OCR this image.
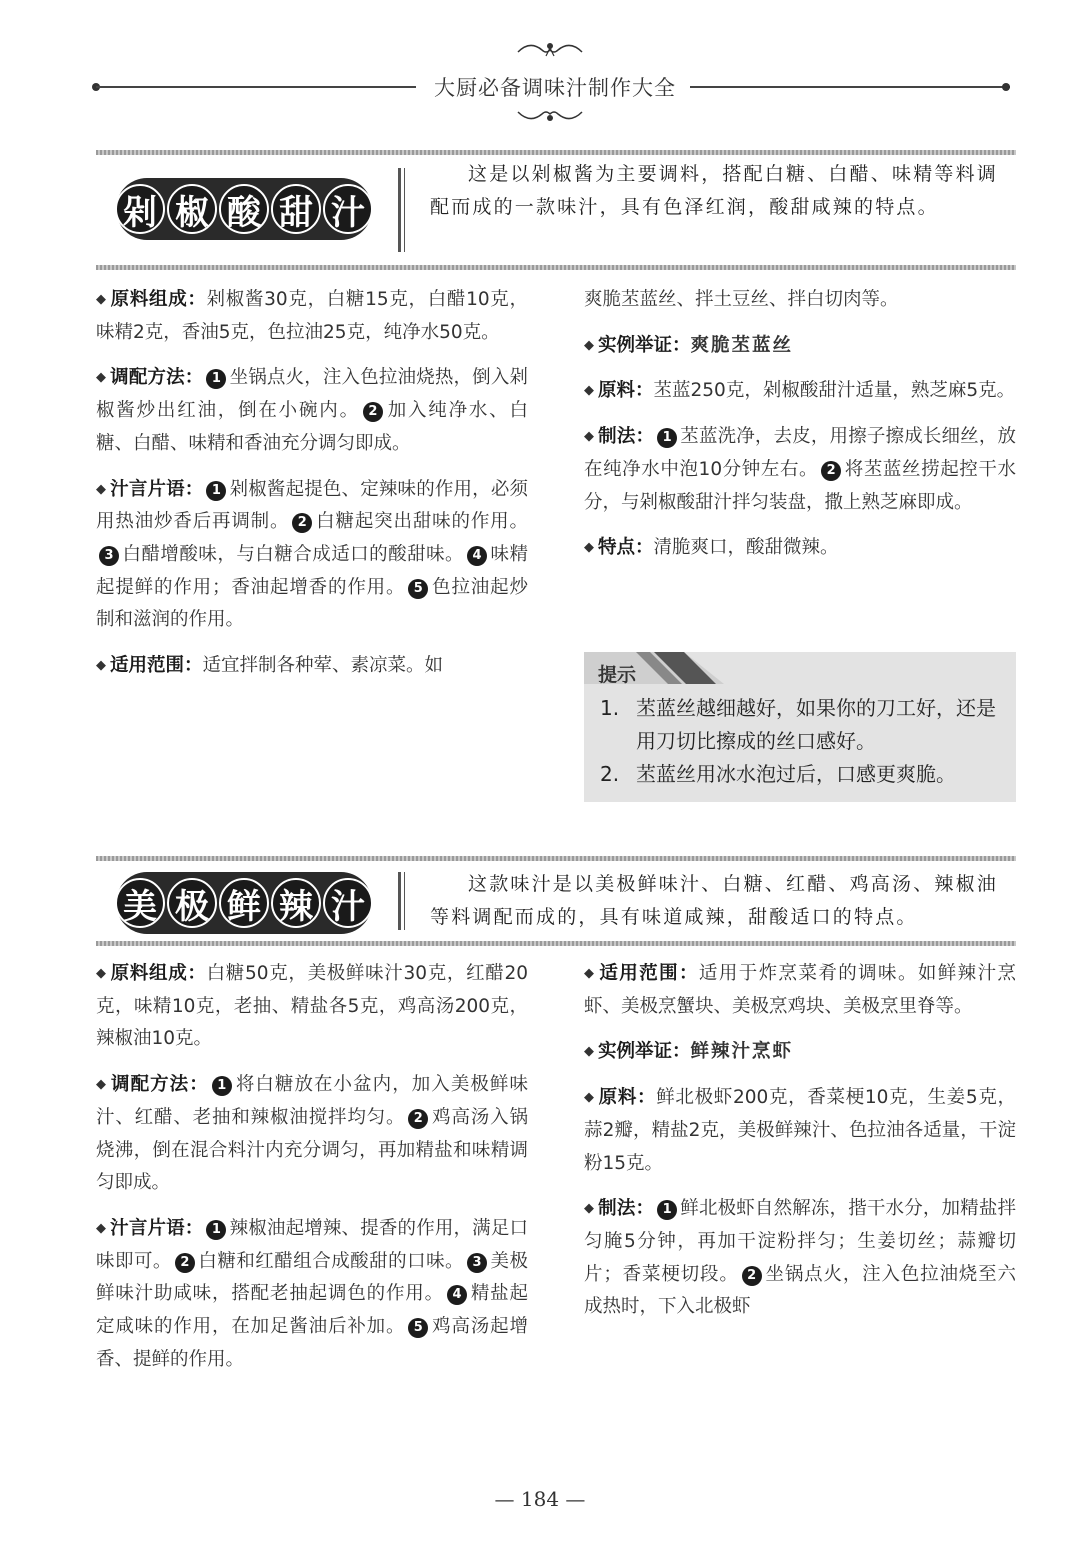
大厨必备调味汁制作大全
剁 椒 酸 甜 汁
这是以剁椒酱为主要调料，搭配白糖、白醋、味精等料调配而成的一款味汁，具有色泽红润，酸甜咸辣的特点。

◆ 原料组成：剁椒酱30克，白糖15克，白醋10克，味精2克，香油5克，色拉油25克，纯净水50克。

◆ 调配方法： 1 坐锅点火，注入色拉油烧热，倒入剁椒酱炒出红油，倒在小碗内。 2 加入纯净水、白糖、白醋、味精和香油充分调匀即成。

◆ 汁言片语： 1 剁椒酱起提色、定辣味的作用，必须用热油炒香后再调制。 2 白糖起突出甜味的作用。3 白醋增酸味，与白糖合成适口的酸甜味。 4 味精起提鲜的作用；香油起增香的作用。 5 色拉油起炒制和滋润的作用。

◆ 适用范围：适宜拌制各种荤、素凉菜。如

爽脆苤蓝丝、拌土豆丝、拌白切肉等。

◆ 实例举证：爽脆苤蓝丝

◆ 原料：苤蓝250克，剁椒酸甜汁适量，熟芝麻5克。

◆ 制法： 1 苤蓝洗净，去皮，用擦子擦成长细丝，放在纯净水中泡10分钟左右。 2 将苤蓝丝捞起控干水分，与剁椒酸甜汁拌匀装盘，撒上熟芝麻即成。

◆ 特点：清脆爽口，酸甜微辣。

提示
1. 苤蓝丝越细越好，如果你的刀工好，还是用刀切比擦成的丝口感好。
2. 苤蓝丝用冰水泡过后，口感更爽脆。
美 极 鲜 辣 汁
这款味汁是以美极鲜味汁、白糖、红醋、鸡高汤、辣椒油等料调配而成的，具有味道咸辣，甜酸适口的特点。

◆ 原料组成：白糖50克，美极鲜味汁30克，红醋20克，味精10克，老抽、精盐各5克，鸡高汤200克，辣椒油10克。

◆ 调配方法： 1 将白糖放在小盆内，加入美极鲜味汁、红醋、老抽和辣椒油搅拌均匀。 2 鸡高汤入锅烧沸，倒在混合料汁内充分调匀，再加精盐和味精调匀即成。

◆ 汁言片语： 1 辣椒油起增辣、提香的作用，满足口味即可。 2 白糖和红醋组合成酸甜的口味。 3 美极鲜味汁助咸味，搭配老抽起调色的作用。 4 精盐起定咸味的作用，在加足酱油后补加。 5 鸡高汤起增香、提鲜的作用。

◆ 适用范围：适用于炸烹菜肴的调味。如鲜辣汁烹虾、美极烹蟹块、美极烹鸡块、美极烹里脊等。

◆ 实例举证：鲜辣汁烹虾

◆ 原料：鲜北极虾200克，香菜梗10克，生姜5克，蒜2瓣，精盐2克，美极鲜辣汁、色拉油各适量，干淀粉15克。

◆ 制法： 1 鲜北极虾自然解冻，揩干水分，加精盐拌匀腌5分钟，再加干淀粉拌匀；生姜切丝；蒜瓣切片；香菜梗切段。 2 坐锅点火，注入色拉油烧至六成热时，下入北极虾

— 184 —
